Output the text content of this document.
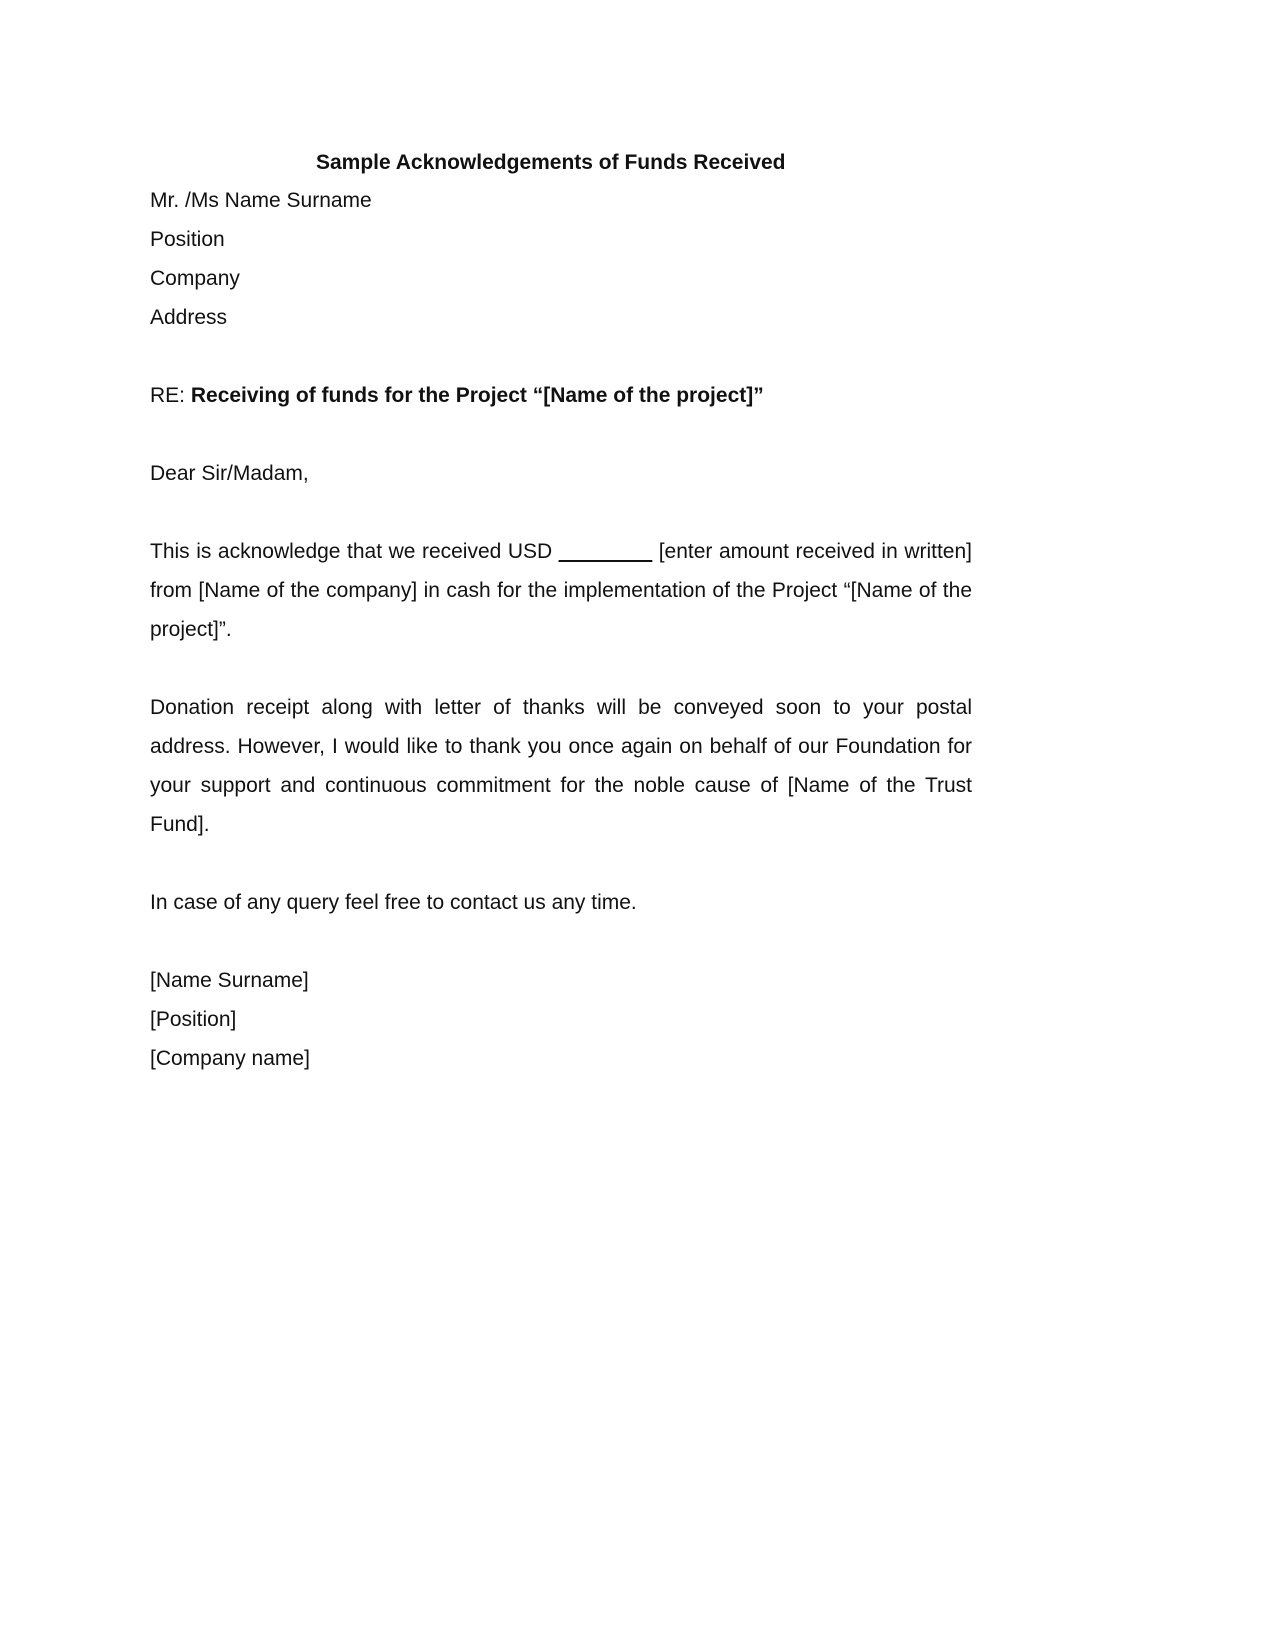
Sample Acknowledgements of Funds Received

Mr. /Ms Name Surname

Position

Company

Address

RE: Receiving of funds for the Project “[Name of the project]”

Dear Sir/Madam,

This is acknowledge that we received USD ________ [enter amount received in written] from [Name of the company] in cash for the implementation of the Project “[Name of the project]”.

Donation receipt along with letter of thanks will be conveyed soon to your postal address. However, I would like to thank you once again on behalf of our Foundation for your support and continuous commitment for the noble cause of [Name of the Trust Fund].

In case of any query feel free to contact us any time.

[Name Surname]

[Position]

[Company name]
